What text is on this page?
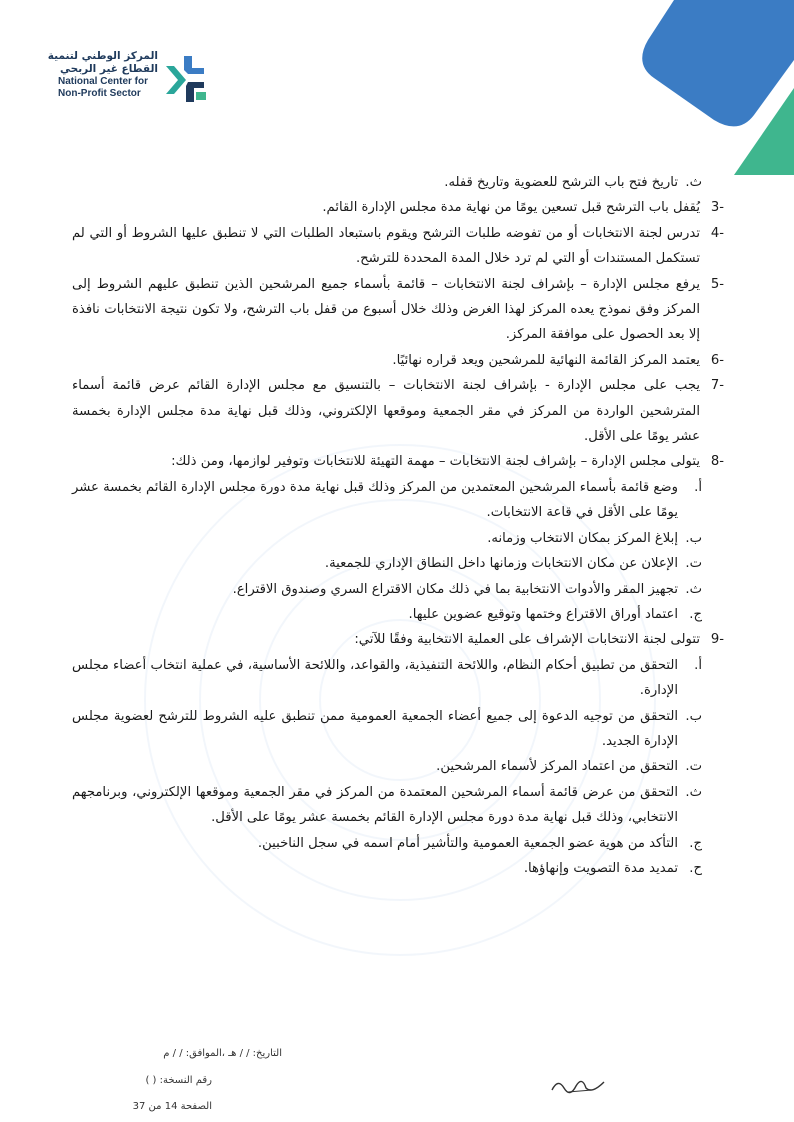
المركز الوطني لتنمية
القطاع غير الربحي
National Center for
Non-Profit Sector
ث.
تاريخ فتح باب الترشح للعضوية وتاريخ قفله.
-3
يُقفل باب الترشح قبل تسعين يومًا من نهاية مدة مجلس الإدارة القائم.
-4
تدرس لجنة الانتخابات أو من تفوضه طلبات الترشح ويقوم باستبعاد الطلبات التي لا تنطبق عليها الشروط أو التي لم تستكمل المستندات أو التي لم ترد خلال المدة المحددة للترشح.
-5
يرفع مجلس الإدارة – بإشراف لجنة الانتخابات – قائمة بأسماء جميع المرشحين الذين تنطبق عليهم الشروط إلى المركز وفق نموذج يعده المركز لهذا الغرض وذلك خلال أسبوع من قفل باب الترشح، ولا تكون نتيجة الانتخابات نافذة إلا بعد الحصول على موافقة المركز.
-6
يعتمد المركز القائمة النهائية للمرشحين ويعد قراره نهائيًا.
-7
يجب على مجلس الإدارة - بإشراف لجنة الانتخابات – بالتنسيق مع مجلس الإدارة القائم عرض قائمة أسماء المترشحين الواردة من المركز في مقر الجمعية وموقعها الإلكتروني، وذلك قبل نهاية مدة مجلس الإدارة بخمسة عشر يومًا على الأقل.
-8
يتولى مجلس الإدارة – بإشراف لجنة الانتخابات – مهمة التهيئة للانتخابات وتوفير لوازمها، ومن ذلك:
أ.
وضع قائمة بأسماء المرشحين المعتمدين من المركز وذلك قبل نهاية مدة دورة مجلس الإدارة القائم بخمسة عشر يومًا على الأقل في قاعة الانتخابات.
ب.
إبلاغ المركز بمكان الانتخاب وزمانه.
ت.
الإعلان عن مكان الانتخابات وزمانها داخل النطاق الإداري للجمعية.
ث.
تجهيز المقر والأدوات الانتخابية بما في ذلك مكان الاقتراع السري وصندوق الاقتراع.
ج.
اعتماد أوراق الاقتراع وختمها وتوقيع عضوين عليها.
-9
تتولى لجنة الانتخابات الإشراف على العملية الانتخابية وفقًا للآتي:
أ.
التحقق من تطبيق أحكام النظام، واللائحة التنفيذية، والقواعد، واللائحة الأساسية، في عملية انتخاب أعضاء مجلس الإدارة.
ب.
التحقق من توجيه الدعوة إلى جميع أعضاء الجمعية العمومية ممن تنطبق عليه الشروط للترشح لعضوية مجلس الإدارة الجديد.
ت.
التحقق من اعتماد المركز لأسماء المرشحين.
ث.
التحقق من عرض قائمة أسماء المرشحين المعتمدة من المركز في مقر الجمعية وموقعها الإلكتروني، وبرنامجهم الانتخابي، وذلك قبل نهاية مدة دورة مجلس الإدارة القائم بخمسة عشر يومًا على الأقل.
ج.
التأكد من هوية عضو الجمعية العمومية والتأشير أمام اسمه في سجل الناخبين.
ح.
تمديد مدة التصويت وإنهاؤها.
التاريخ: / / هـ ،الموافق: / / م
رقم النسخة: ( )
الصفحة 14 من 37
